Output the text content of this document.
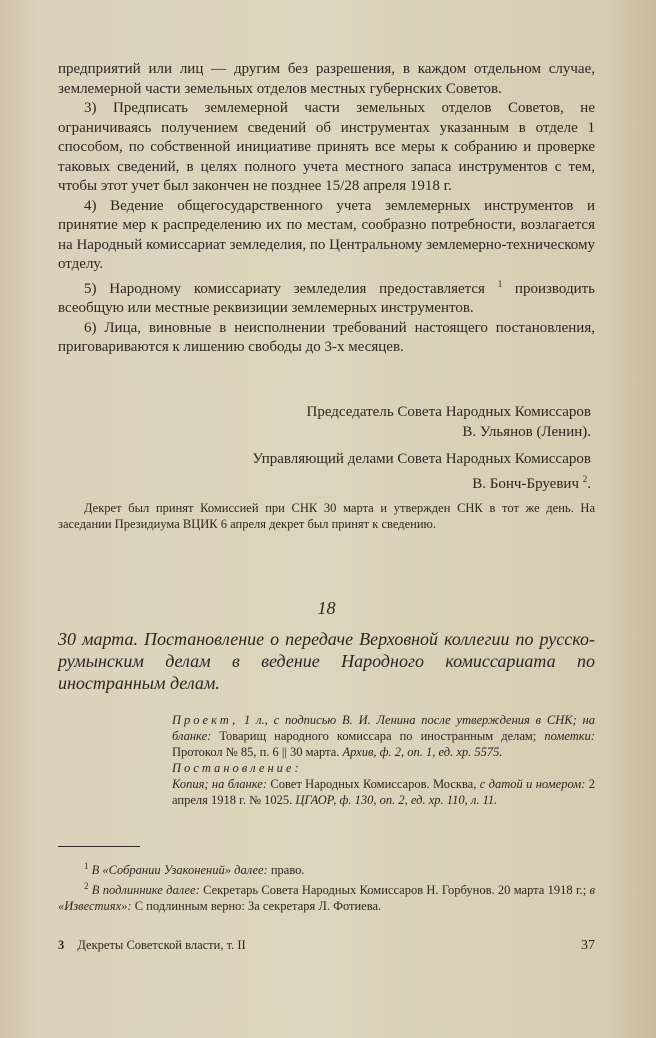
предприятий или лиц — другим без разрешения, в каждом отдельном случае, землемерной части земельных отделов местных губернских Советов.

3) Предписать землемерной части земельных отделов Советов, не ограничиваясь получением сведений об инструментах указанным в отделе 1 способом, по собственной инициативе принять все меры к собранию и проверке таковых сведений, в целях полного учета местного запаса инструментов с тем, чтобы этот учет был закончен не позднее 15/28 апреля 1918 г.

4) Ведение общегосударственного учета землемерных инструментов и принятие мер к распределению их по местам, сообразно потребности, возлагается на Народный комиссариат земледелия, по Центральному землемерно-техническому отделу.

5) Народному комиссариату земледелия предоставляется $^1$ производить всеобщую или местные реквизиции землемерных инструментов.

6) Лица, виновные в неисполнении требований настоящего постановления, приговариваются к лишению свободы до 3-х месяцев.

Председатель Совета Народных Комиссаров

В. Ульянов (Ленин).

Управляющий делами Совета Народных Комиссаров

В. Бонч-Бруевич $^2$.

Декрет был принят Комиссией при СНК 30 марта и утвержден СНК в тот же день. На заседании Президиума ВЦИК 6 апреля декрет был принят к сведению.

18

30 марта. Постановление о передаче Верховной коллегии по русско-румынским делам в ведение Народного комиссариата по иностранным делам.

Проект, 1 л., с подписью В. И. Ленина после утверждения в СНК; на бланке: Товарищ народного комиссара по иностранным делам; пометки: Протокол № 85, п. 6 || 30 марта. Архив, ф. 2, оп. 1, ед. хр. 5575.

Постановление:

Копия; на бланке: Совет Народных Комиссаров. Москва, с датой и номером: 2 апреля 1918 г. № 1025. ЦГАОР, ф. 130, оп. 2, ед. хр. 110, л. 11.

$^1$ В «Собрании Узаконений» далее: право.

$^2$ В подлиннике далее: Секретарь Совета Народных Комиссаров Н. Горбунов. 20 марта 1918 г.; в «Известиях»: С подлинным верно: За секретаря Л. Фотиева.

3 Декреты Советской власти, т. II	37
